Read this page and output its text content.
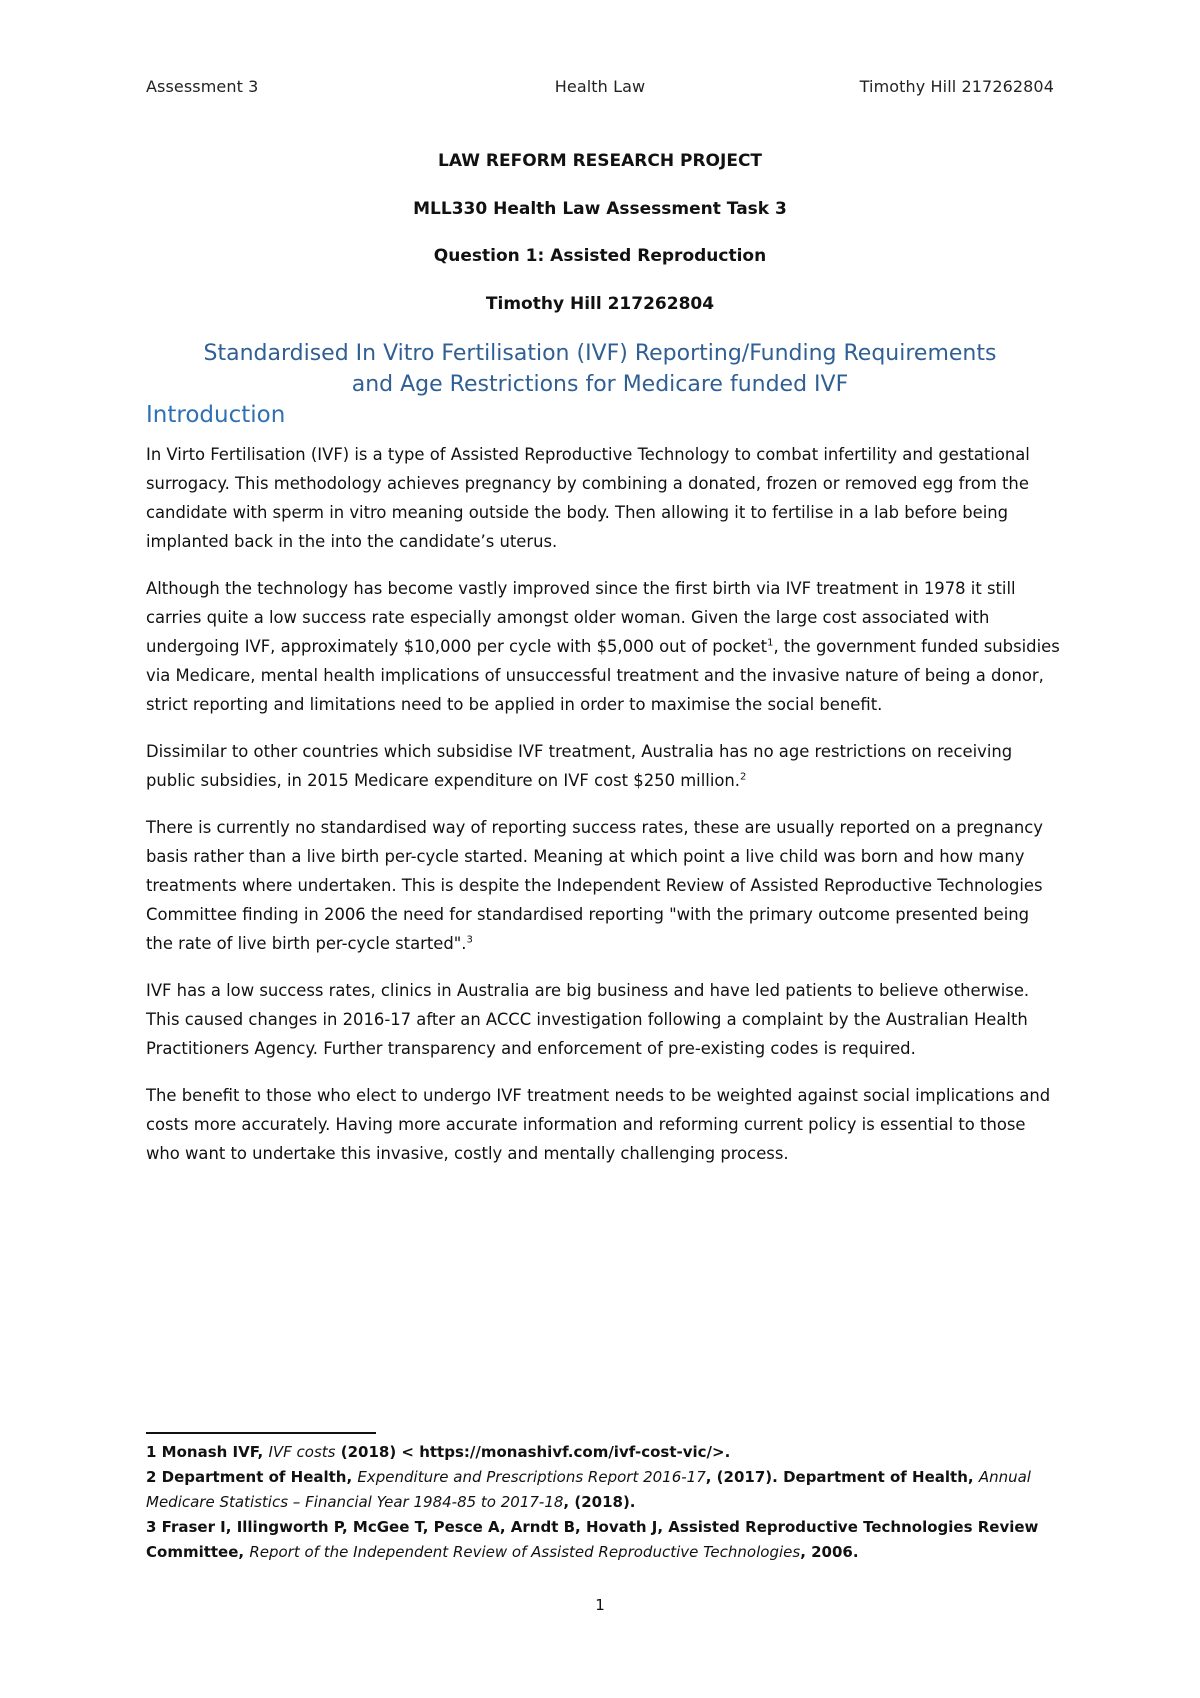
Assessment 3	Health Law	Timothy Hill 217262804
LAW REFORM RESEARCH PROJECT
MLL330 Health Law Assessment Task 3
Question 1: Assisted Reproduction
Timothy Hill 217262804
Standardised In Vitro Fertilisation (IVF) Reporting/Funding Requirements
and Age Restrictions for Medicare funded IVF
Introduction

In Virto Fertilisation (IVF) is a type of Assisted Reproductive Technology to combat infertility and gestational surrogacy. This methodology achieves pregnancy by combining a donated, frozen or removed egg from the candidate with sperm in vitro meaning outside the body. Then allowing it to fertilise in a lab before being implanted back in the into the candidate’s uterus.

Although the technology has become vastly improved since the first birth via IVF treatment in 1978 it still carries quite a low success rate especially amongst older woman. Given the large cost associated with undergoing IVF, approximately $10,000 per cycle with $5,000 out of pocket$^1$, the government funded subsidies via Medicare, mental health implications of unsuccessful treatment and the invasive nature of being a donor, strict reporting and limitations need to be applied in order to maximise the social benefit.

Dissimilar to other countries which subsidise IVF treatment, Australia has no age restrictions on receiving public subsidies, in 2015 Medicare expenditure on IVF cost $250 million.$^2$

There is currently no standardised way of reporting success rates, these are usually reported on a pregnancy basis rather than a live birth per-cycle started. Meaning at which point a live child was born and how many treatments where undertaken. This is despite the Independent Review of Assisted Reproductive Technologies Committee finding in 2006 the need for standardised reporting "with the primary outcome presented being the rate of live birth per-cycle started".$^3$

IVF has a low success rates, clinics in Australia are big business and have led patients to believe otherwise. This caused changes in 2016-17 after an ACCC investigation following a complaint by the Australian Health Practitioners Agency. Further transparency and enforcement of pre-existing codes is required.

The benefit to those who elect to undergo IVF treatment needs to be weighted against social implications and costs more accurately. Having more accurate information and reforming current policy is essential to those who want to undertake this invasive, costly and mentally challenging process.

1 Monash IVF, IVF costs (2018) < https://monashivf.com/ivf-cost-vic/>.

2 Department of Health, Expenditure and Prescriptions Report 2016-17, (2017). Department of Health, Annual Medicare Statistics – Financial Year 1984-85 to 2017-18, (2018).

3 Fraser I, Illingworth P, McGee T, Pesce A, Arndt B, Hovath J, Assisted Reproductive Technologies Review Committee, Report of the Independent Review of Assisted Reproductive Technologies, 2006.

1
